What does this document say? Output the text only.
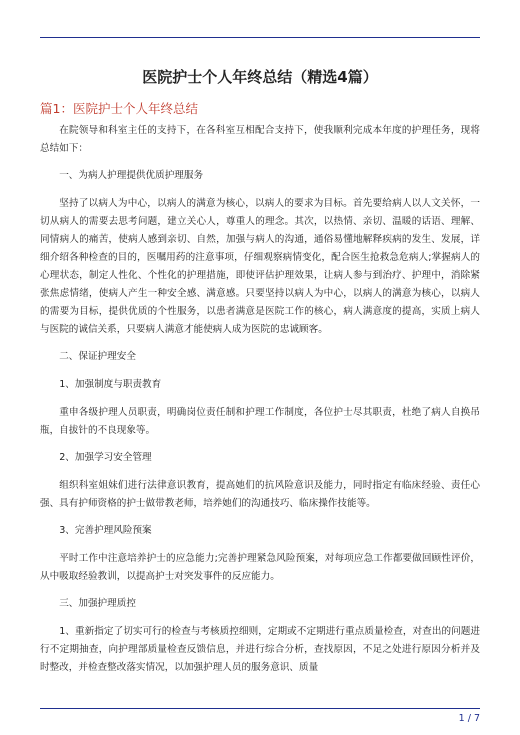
医院护士个人年终总结（精选4篇）
篇1：医院护士个人年终总结

在院领导和科室主任的支持下，在各科室互相配合支持下，使我顺利完成本年度的护理任务，现将总结如下：

一、为病人护理提供优质护理服务

坚持了以病人为中心，以病人的满意为核心，以病人的要求为目标。首先要给病人以人文关怀，一切从病人的需要去思考问题，建立关心人，尊重人的理念。其次，以热情、亲切、温暖的话语、理解、同情病人的痛苦，使病人感到亲切、自然，加强与病人的沟通，通俗易懂地解释疾病的发生、发展，详细介绍各种检查的目的，医嘱用药的注意事项，仔细观察病情变化，配合医生抢救急危病人;掌握病人的心理状态，制定人性化、个性化的护理措施，即使评估护理效果，让病人参与到治疗、护理中，消除紧张焦虑情绪，使病人产生一种安全感、满意感。只要坚持以病人为中心，以病人的满意为核心，以病人的需要为目标，提供优质的个性服务，以患者满意是医院工作的核心，病人满意度的提高，实质上病人与医院的诚信关系，只要病人满意才能使病人成为医院的忠诚顾客。

二、保证护理安全

1、加强制度与职责教育

重申各级护理人员职责，明确岗位责任制和护理工作制度，各位护士尽其职责，杜绝了病人自换吊瓶，自拔针的不良现象等。

2、加强学习安全管理

组织科室姐妹们进行法律意识教育，提高她们的抗风险意识及能力，同时指定有临床经验、责任心强、具有护师资格的护士做带教老师，培养她们的沟通技巧、临床操作技能等。

3、完善护理风险预案

平时工作中注意培养护士的应急能力;完善护理紧急风险预案，对每项应急工作都要做回顾性评价，从中吸取经验教训，以提高护士对突发事件的反应能力。

三、加强护理质控

1、重新指定了切实可行的检查与考核质控细则，定期或不定期进行重点质量检查，对查出的问题进行不定期抽查，向护理部质量检查反馈信息，并进行综合分析，查找原因，不足之处进行原因分析并及时整改，并检查整改落实情况，以加强护理人员的服务意识、质量

1 / 7
